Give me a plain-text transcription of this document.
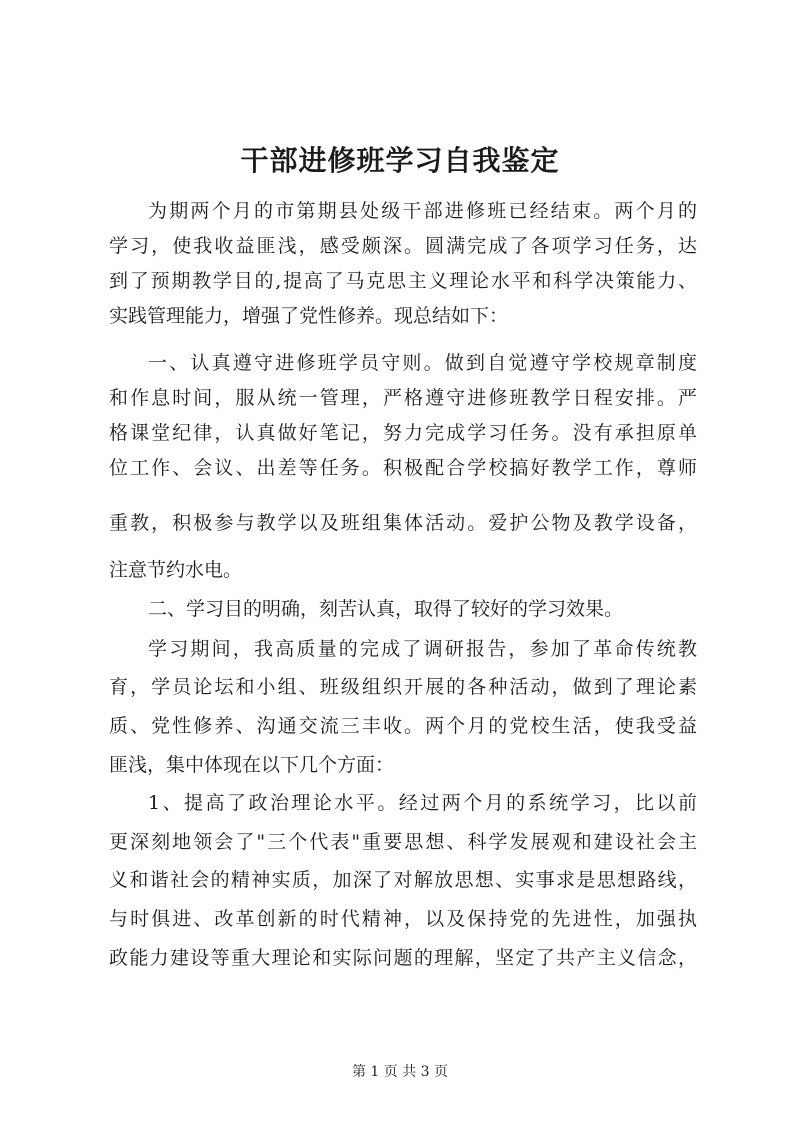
干部进修班学习自我鉴定

为期两个月的市第期县处级干部进修班已经结束。两个月的

学习，使我收益匪浅，感受颇深。圆满完成了各项学习任务，达

到了预期教学目的,提高了马克思主义理论水平和科学决策能力、

实践管理能力，增强了党性修养。现总结如下：

一、认真遵守进修班学员守则。做到自觉遵守学校规章制度

和作息时间，服从统一管理，严格遵守进修班教学日程安排。严

格课堂纪律，认真做好笔记，努力完成学习任务。没有承担原单

位工作、会议、出差等任务。积极配合学校搞好教学工作，尊师

重教，积极参与教学以及班组集体活动。爱护公物及教学设备，

注意节约水电。

二、学习目的明确，刻苦认真，取得了较好的学习效果。

学习期间，我高质量的完成了调研报告，参加了革命传统教

育，学员论坛和小组、班级组织开展的各种活动，做到了理论素

质、党性修养、沟通交流三丰收。两个月的党校生活，使我受益

匪浅，集中体现在以下几个方面：

1、提高了政治理论水平。经过两个月的系统学习，比以前

更深刻地领会了"三个代表"重要思想、科学发展观和建设社会主

义和谐社会的精神实质，加深了对解放思想、实事求是思想路线，

与时俱进、改革创新的时代精神，以及保持党的先进性，加强执

政能力建设等重大理论和实际问题的理解，坚定了共产主义信念，

第 1 页 共 3 页
